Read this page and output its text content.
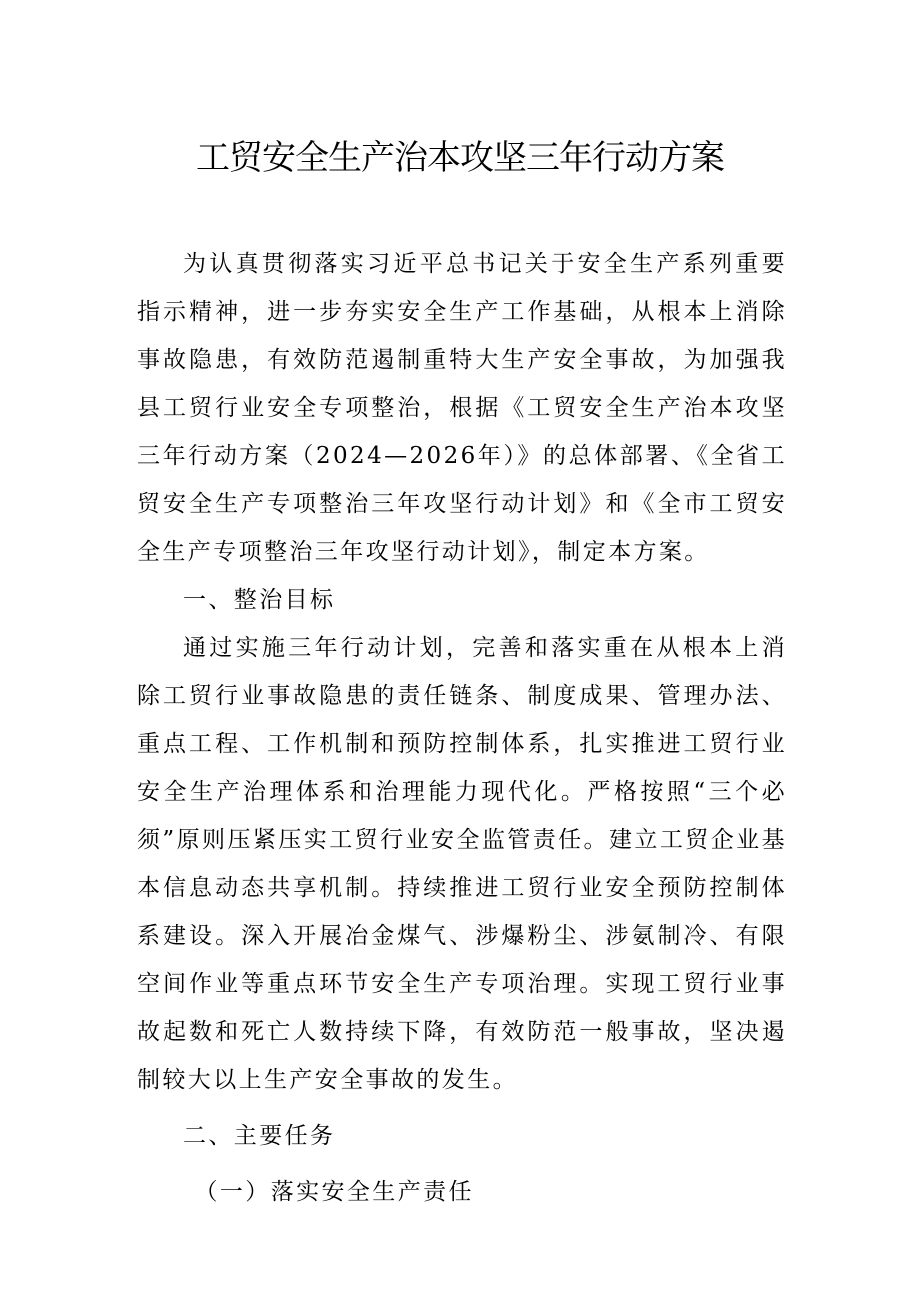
工贸安全生产治本攻坚三年行动方案

为认真贯彻落实习近平总书记关于安全生产系列重要指示精神，进一步夯实安全生产工作基础，从根本上消除事故隐患，有效防范遏制重特大生产安全事故，为加强我县工贸行业安全专项整治，根据《工贸安全生产治本攻坚三年行动方案（2024—2026年）》的总体部署、《全省工贸安全生产专项整治三年攻坚行动计划》和《全市工贸安全生产专项整治三年攻坚行动计划》，制定本方案。

一、整治目标

通过实施三年行动计划，完善和落实重在从根本上消除工贸行业事故隐患的责任链条、制度成果、管理办法、重点工程、工作机制和预防控制体系，扎实推进工贸行业安全生产治理体系和治理能力现代化。严格按照“三个必须”原则压紧压实工贸行业安全监管责任。建立工贸企业基本信息动态共享机制。持续推进工贸行业安全预防控制体系建设。深入开展冶金煤气、涉爆粉尘、涉氨制冷、有限空间作业等重点环节安全生产专项治理。实现工贸行业事故起数和死亡人数持续下降，有效防范一般事故，坚决遏制较大以上生产安全事故的发生。

二、主要任务

（一）落实安全生产责任
